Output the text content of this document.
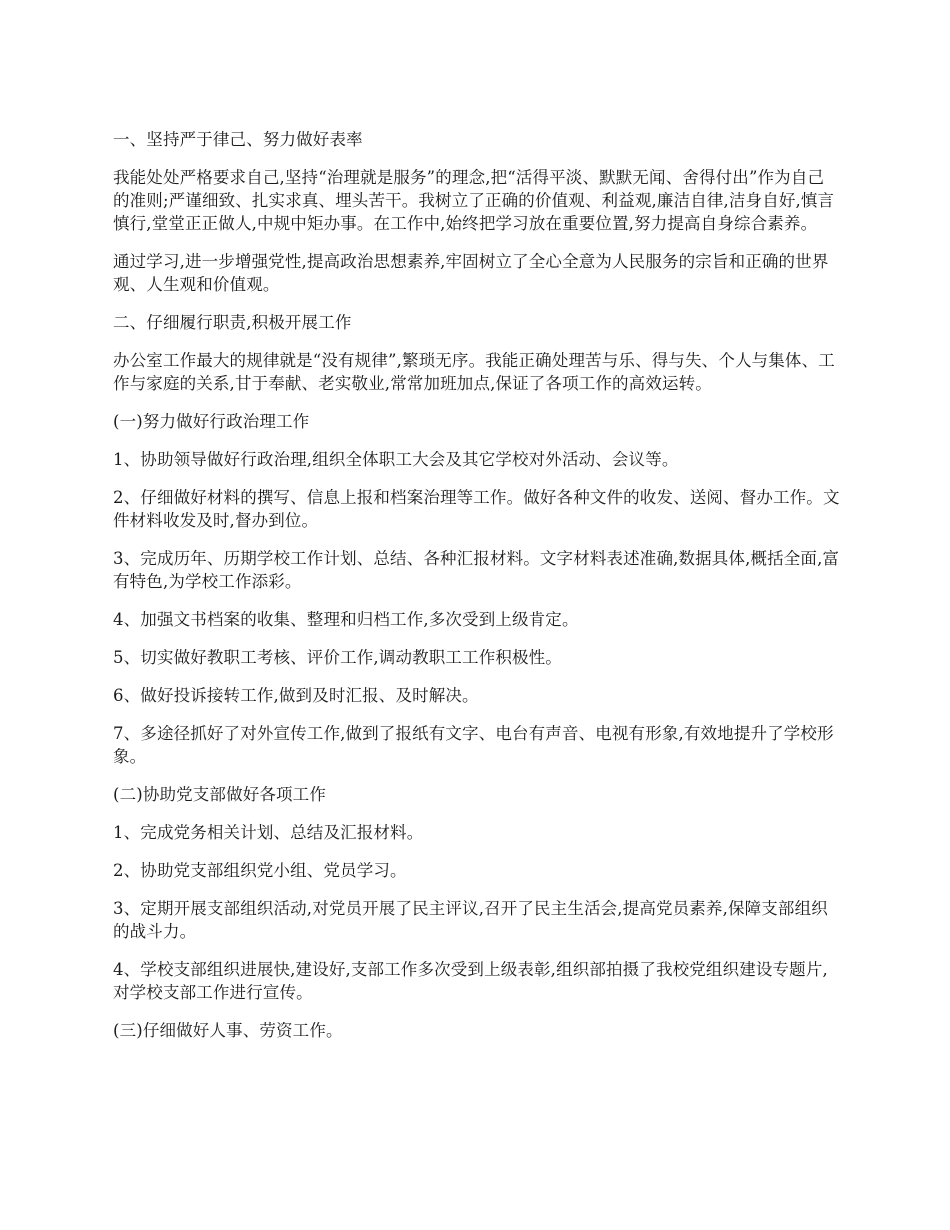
一、坚持严于律己、努力做好表率

我能处处严格要求自己,坚持“治理就是服务”的理念,把“活得平淡、默默无闻、舍得付出”作为自己的准则;严谨细致、扎实求真、埋头苦干。我树立了正确的价值观、利益观,廉洁自律,洁身自好,慎言慎行,堂堂正正做人,中规中矩办事。在工作中,始终把学习放在重要位置,努力提高自身综合素养。

通过学习,进一步增强党性,提高政治思想素养,牢固树立了全心全意为人民服务的宗旨和正确的世界观、人生观和价值观。

二、仔细履行职责,积极开展工作

办公室工作最大的规律就是“没有规律”,繁琐无序。我能正确处理苦与乐、得与失、个人与集体、工作与家庭的关系,甘于奉献、老实敬业,常常加班加点,保证了各项工作的高效运转。

(一)努力做好行政治理工作

1、协助领导做好行政治理,组织全体职工大会及其它学校对外活动、会议等。

2、仔细做好材料的撰写、信息上报和档案治理等工作。做好各种文件的收发、送阅、督办工作。文件材料收发及时,督办到位。

3、完成历年、历期学校工作计划、总结、各种汇报材料。文字材料表述准确,数据具体,概括全面,富有特色,为学校工作添彩。

4、加强文书档案的收集、整理和归档工作,多次受到上级肯定。

5、切实做好教职工考核、评价工作,调动教职工工作积极性。

6、做好投诉接转工作,做到及时汇报、及时解决。

7、多途径抓好了对外宣传工作,做到了报纸有文字、电台有声音、电视有形象,有效地提升了学校形象。

(二)协助党支部做好各项工作

1、完成党务相关计划、总结及汇报材料。

2、协助党支部组织党小组、党员学习。

3、定期开展支部组织活动,对党员开展了民主评议,召开了民主生活会,提高党员素养,保障支部组织的战斗力。

4、学校支部组织进展快,建设好,支部工作多次受到上级表彰,组织部拍摄了我校党组织建设专题片,对学校支部工作进行宣传。

(三)仔细做好人事、劳资工作。
